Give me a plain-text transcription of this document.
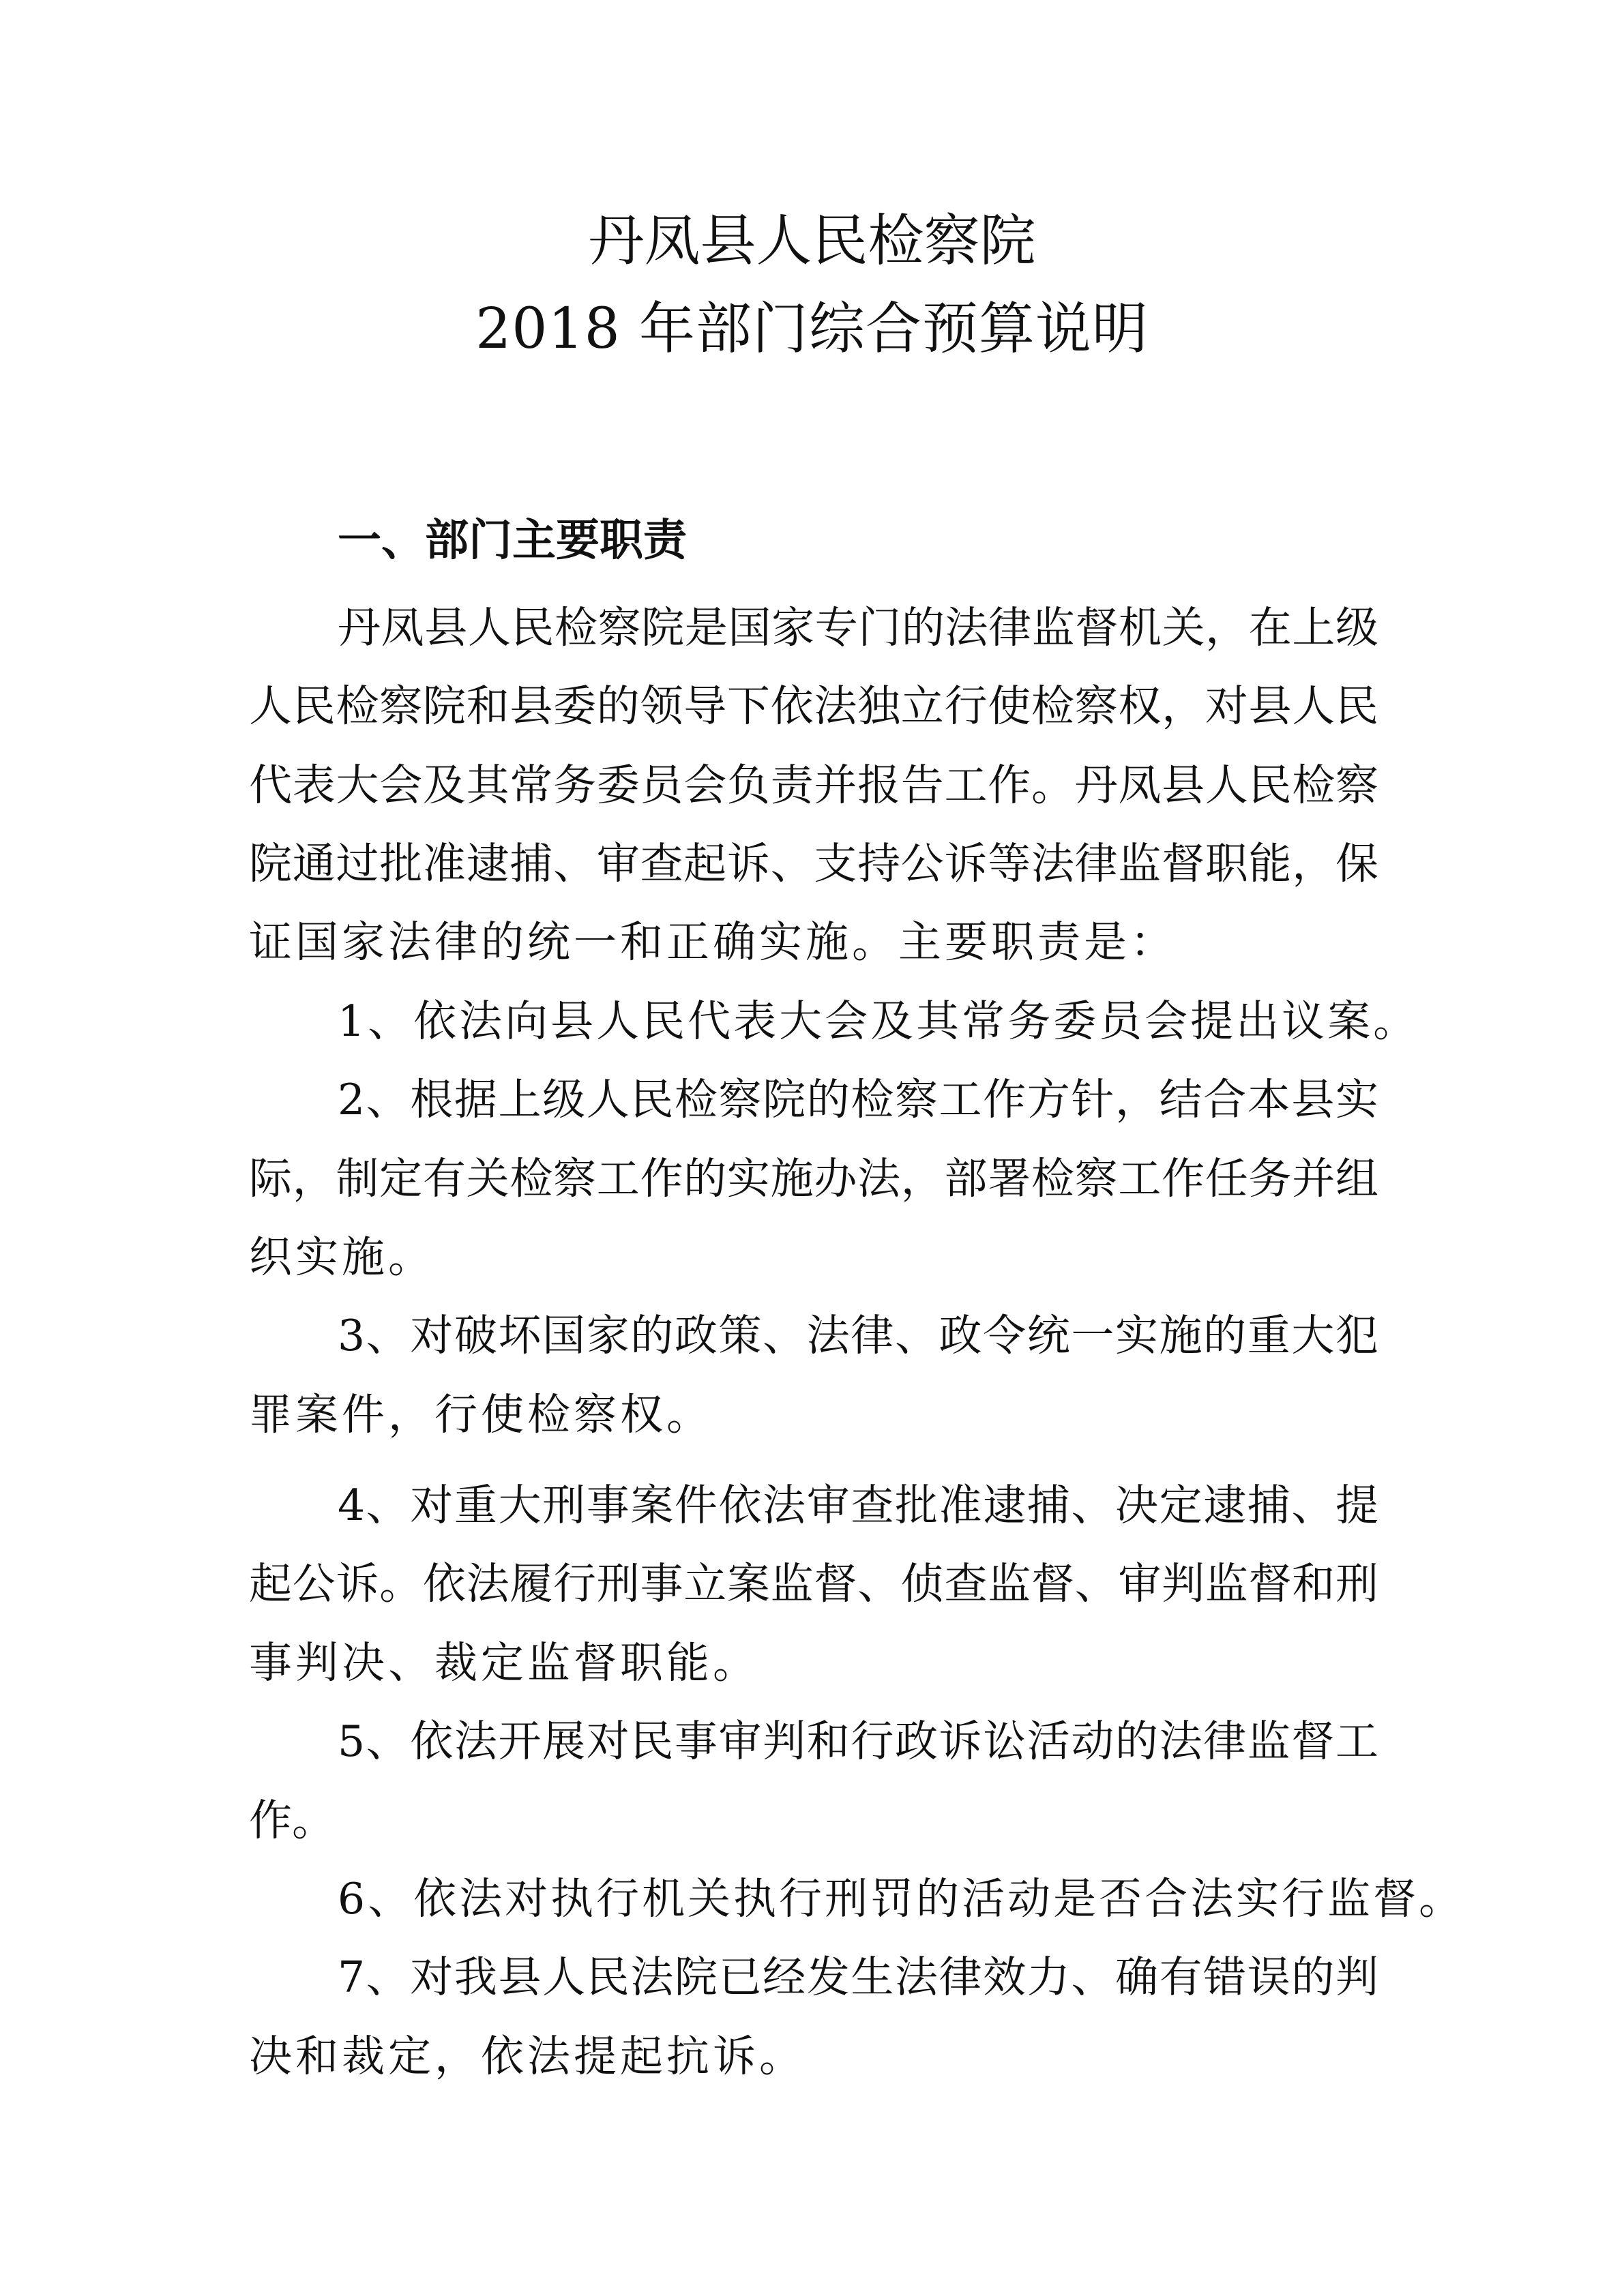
丹凤县人民检察院
2018 年部门综合预算说明
一、部门主要职责
丹凤县人民检察院是国家专门的法律监督机关，在上级
人民检察院和县委的领导下依法独立行使检察权，对县人民
代表大会及其常务委员会负责并报告工作。丹凤县人民检察
院通过批准逮捕、审查起诉、支持公诉等法律监督职能，保
证国家法律的统一和正确实施。主要职责是：
1、依法向县人民代表大会及其常务委员会提出议案。
2、根据上级人民检察院的检察工作方针，结合本县实
际，制定有关检察工作的实施办法，部署检察工作任务并组
织实施。
3、对破坏国家的政策、法律、政令统一实施的重大犯
罪案件，行使检察权。
4、对重大刑事案件依法审查批准逮捕、决定逮捕、提
起公诉。依法履行刑事立案监督、侦查监督、审判监督和刑
事判决、裁定监督职能。
5、依法开展对民事审判和行政诉讼活动的法律监督工
作。
6、依法对执行机关执行刑罚的活动是否合法实行监督。
7、对我县人民法院已经发生法律效力、确有错误的判
决和裁定，依法提起抗诉。
